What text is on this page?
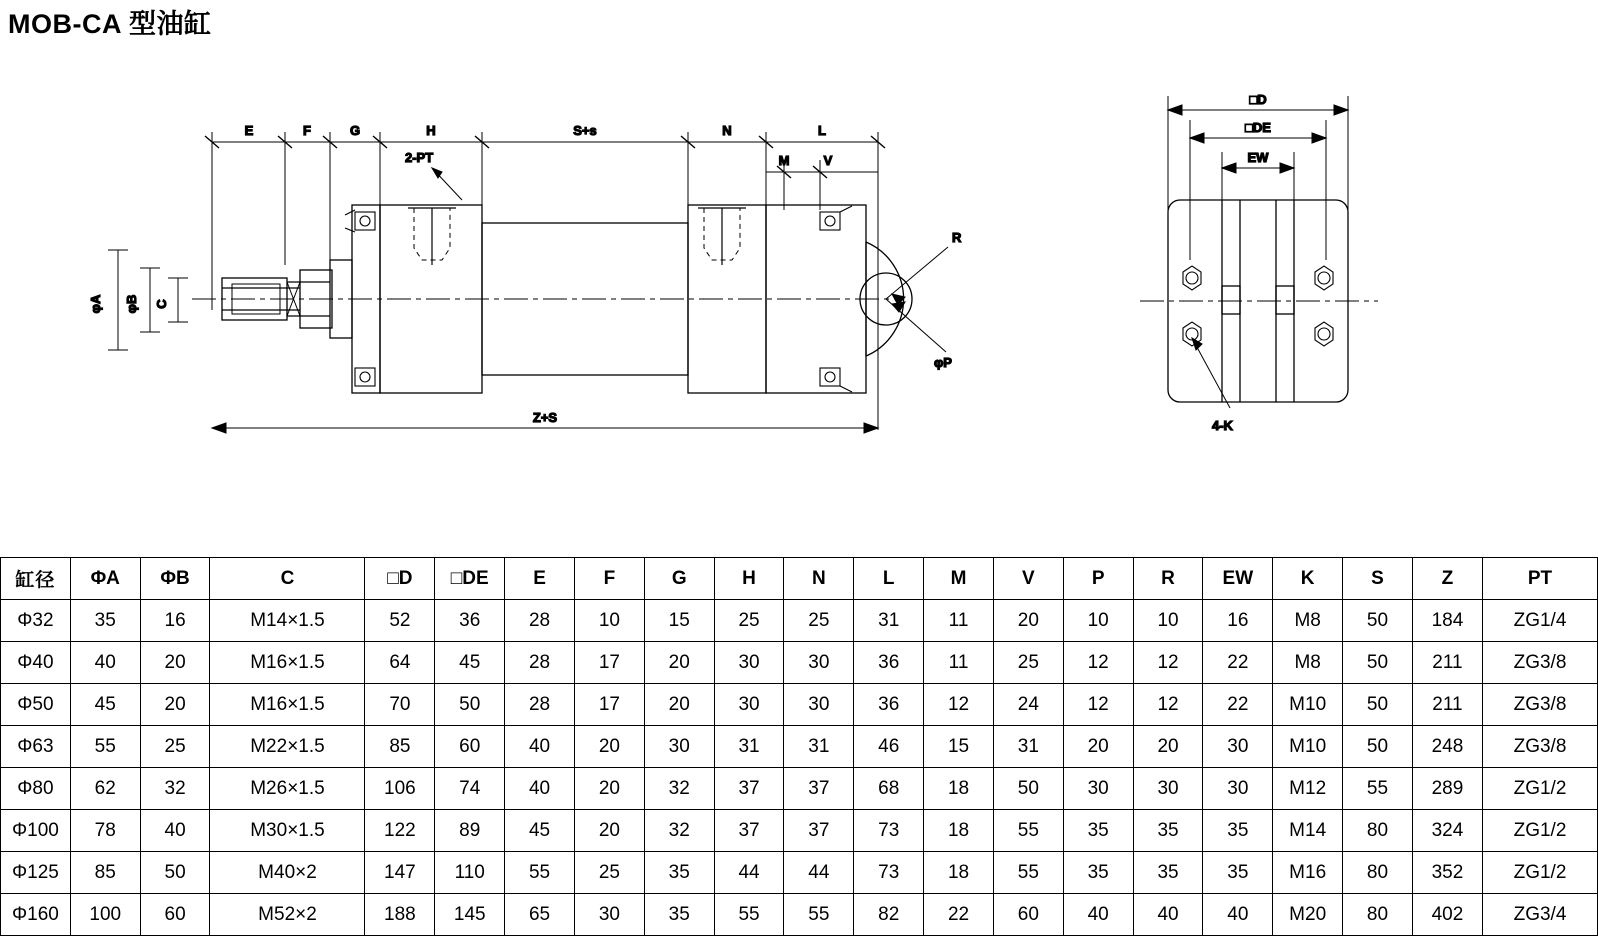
MOB-CA 型油缸
E	F	G	H	S+s	N	L
M	V
2-PT
R
φP
φA φB C
Z+S
□D
□DE
EW
4-K
缸径	ΦA	ΦB	C	□D	□DE	E	F	G	H	N	L	M	V	P	R	EW	K	S	Z	PT
Φ32	35	16	M14×1.5	52	36	28	10	15	25	25	31	11	20	10	10	16	M8	50	184	ZG1/4
Φ40	40	20	M16×1.5	64	45	28	17	20	30	30	36	11	25	12	12	22	M8	50	211	ZG3/8
Φ50	45	20	M16×1.5	70	50	28	17	20	30	30	36	12	24	12	12	22	M10	50	211	ZG3/8
Φ63	55	25	M22×1.5	85	60	40	20	30	31	31	46	15	31	20	20	30	M10	50	248	ZG3/8
Φ80	62	32	M26×1.5	106	74	40	20	32	37	37	68	18	50	30	30	30	M12	55	289	ZG1/2
Φ100	78	40	M30×1.5	122	89	45	20	32	37	37	73	18	55	35	35	35	M14	80	324	ZG1/2
Φ125	85	50	M40×2	147	110	55	25	35	44	44	73	18	55	35	35	35	M16	80	352	ZG1/2
Φ160	100	60	M52×2	188	145	65	30	35	55	55	82	22	60	40	40	40	M20	80	402	ZG3/4
